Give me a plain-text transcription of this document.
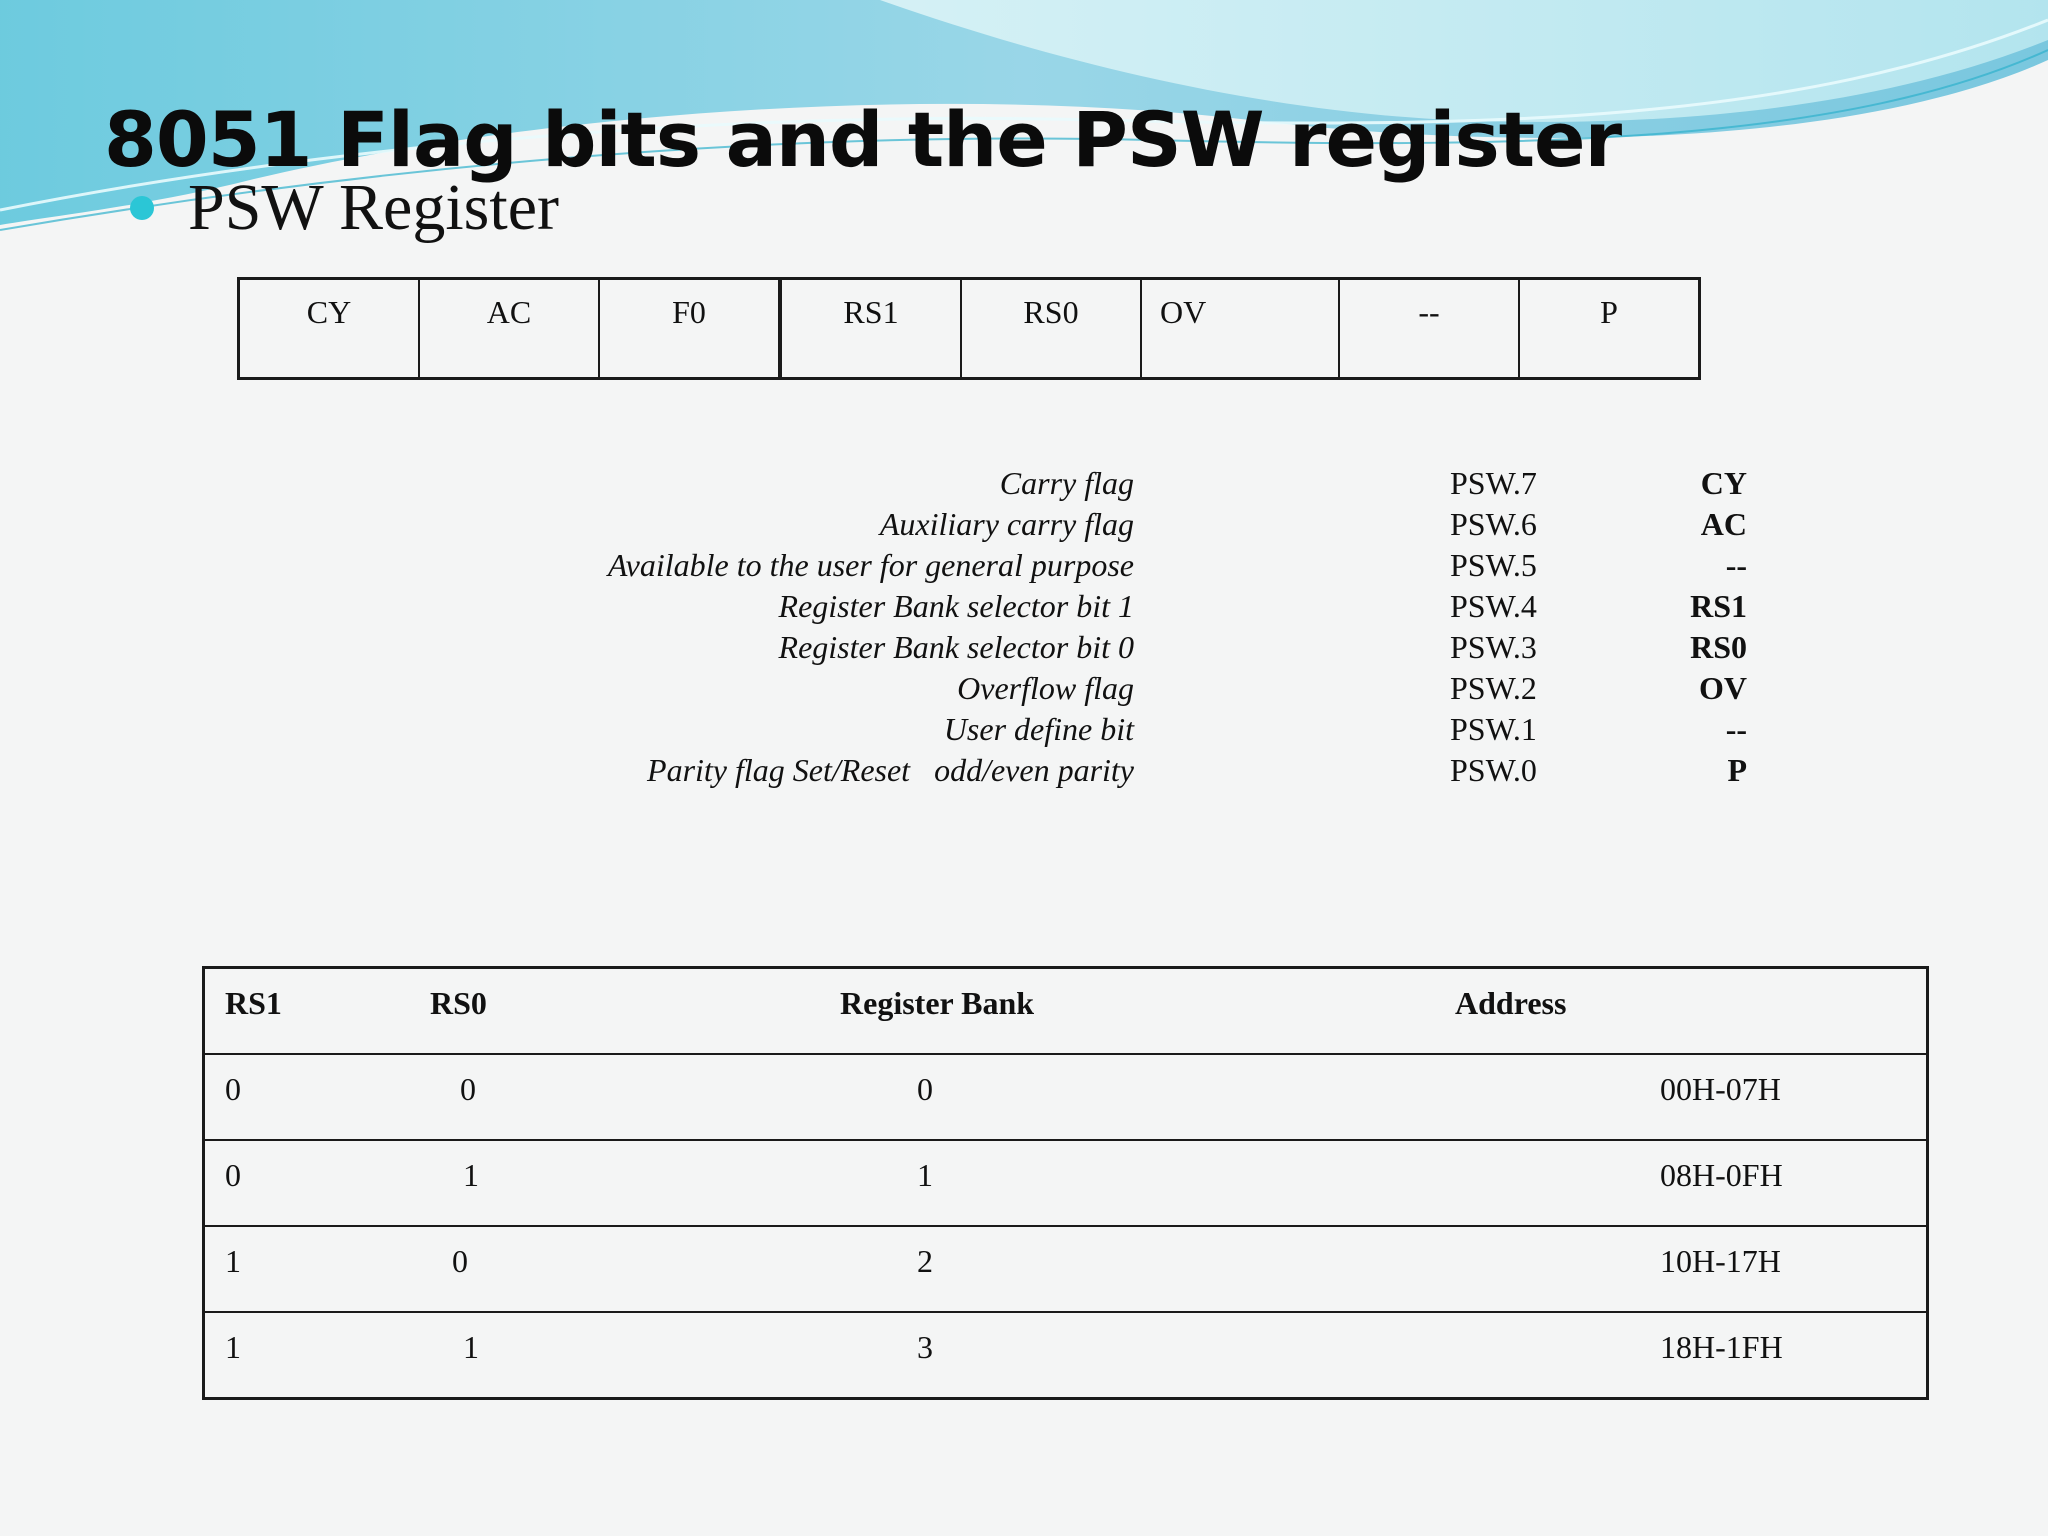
8051 Flag bits and the PSW register
PSW Register
CY	AC	F0	RS1	RS0	OV	--	P
Carry flag	PSW.7	CY
Auxiliary carry flag	PSW.6	AC
Available to the user for general purpose	PSW.5	--
Register Bank selector bit 1	PSW.4	RS1
Register Bank selector bit 0	PSW.3	RS0
Overflow flag	PSW.2	OV
User define bit	PSW.1	--
Parity flag Set/Reset   odd/even parity	PSW.0	P
RS1	RS0	Register Bank	Address
0	0	0	00H-07H
0	1	1	08H-0FH
1	0	2	10H-17H
1	1	3	18H-1FH
